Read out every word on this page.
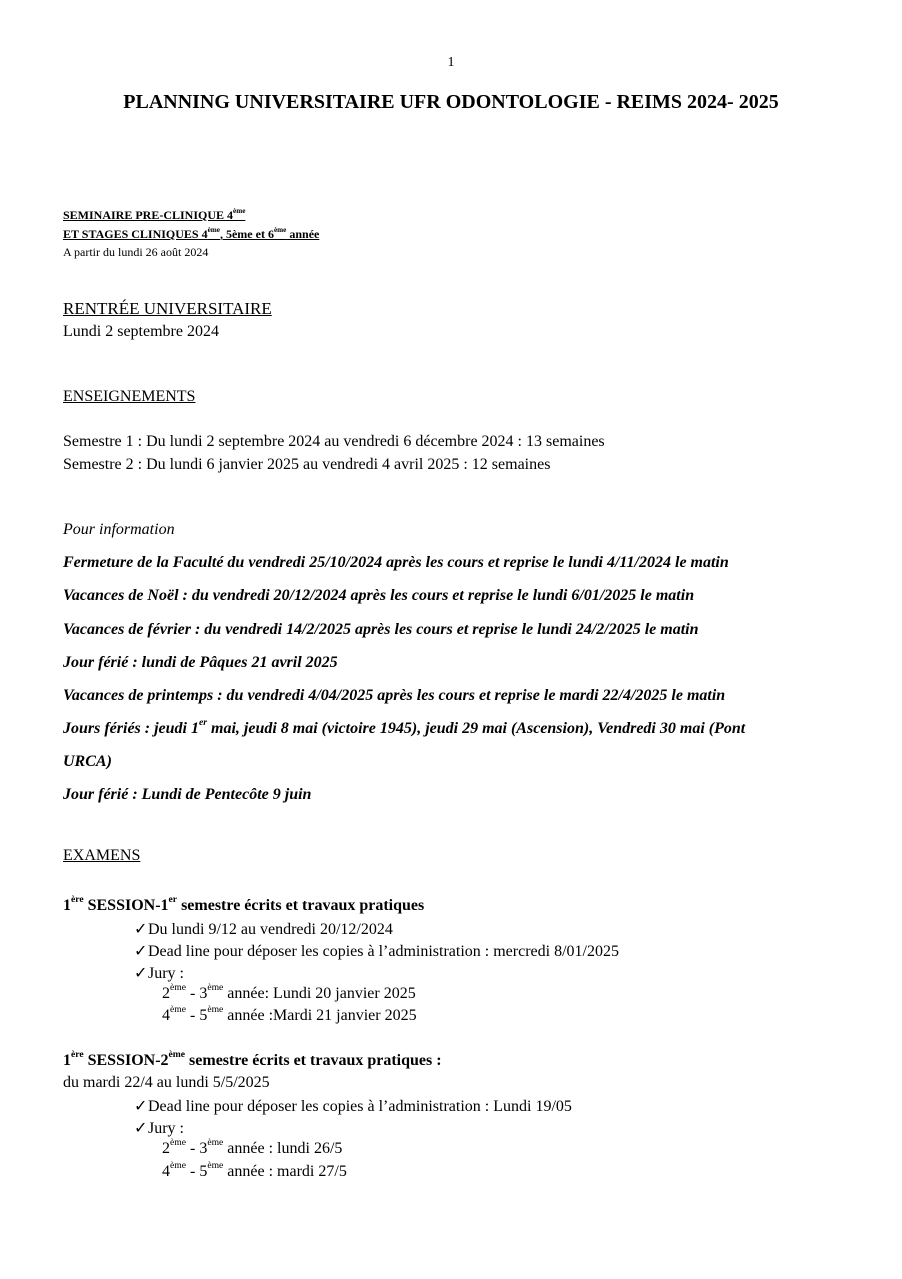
1
PLANNING UNIVERSITAIRE UFR ODONTOLOGIE - REIMS 2024- 2025
SEMINAIRE PRE-CLINIQUE 4ème
ET STAGES CLINIQUES 4ème, 5ème et 6ème année
A partir du lundi 26 août 2024
RENTRÉE UNIVERSITAIRE
Lundi 2 septembre 2024
ENSEIGNEMENTS
Semestre 1 : Du lundi 2 septembre 2024 au vendredi 6 décembre 2024 : 13 semaines
Semestre 2 : Du lundi 6 janvier 2025 au vendredi 4 avril 2025 : 12 semaines
Pour information
Fermeture de la Faculté du vendredi 25/10/2024 après les cours et reprise le lundi 4/11/2024 le matin
Vacances de Noël : du vendredi 20/12/2024 après les cours et reprise le lundi 6/01/2025 le matin
Vacances de février : du vendredi 14/2/2025 après les cours et reprise le lundi 24/2/2025 le matin
Jour férié : lundi de Pâques 21 avril 2025
Vacances de printemps : du vendredi 4/04/2025 après les cours et reprise le mardi 22/4/2025 le matin
Jours fériés : jeudi 1er mai, jeudi 8 mai (victoire 1945), jeudi 29 mai (Ascension), Vendredi 30 mai (Pont
URCA)
Jour férié : Lundi de Pentecôte 9 juin
EXAMENS
1ère SESSION-1er semestre écrits et travaux pratiques
✓Du lundi 9/12 au vendredi 20/12/2024
✓Dead line pour déposer les copies à l’administration : mercredi 8/01/2025
✓Jury :
2ème - 3ème année: Lundi 20 janvier 2025
4ème - 5ème année :Mardi 21 janvier 2025
1ère SESSION-2ème semestre écrits et travaux pratiques :
du mardi 22/4 au lundi 5/5/2025
✓Dead line pour déposer les copies à l’administration : Lundi 19/05
✓Jury :
2ème - 3ème année : lundi 26/5
4ème - 5ème année : mardi 27/5
